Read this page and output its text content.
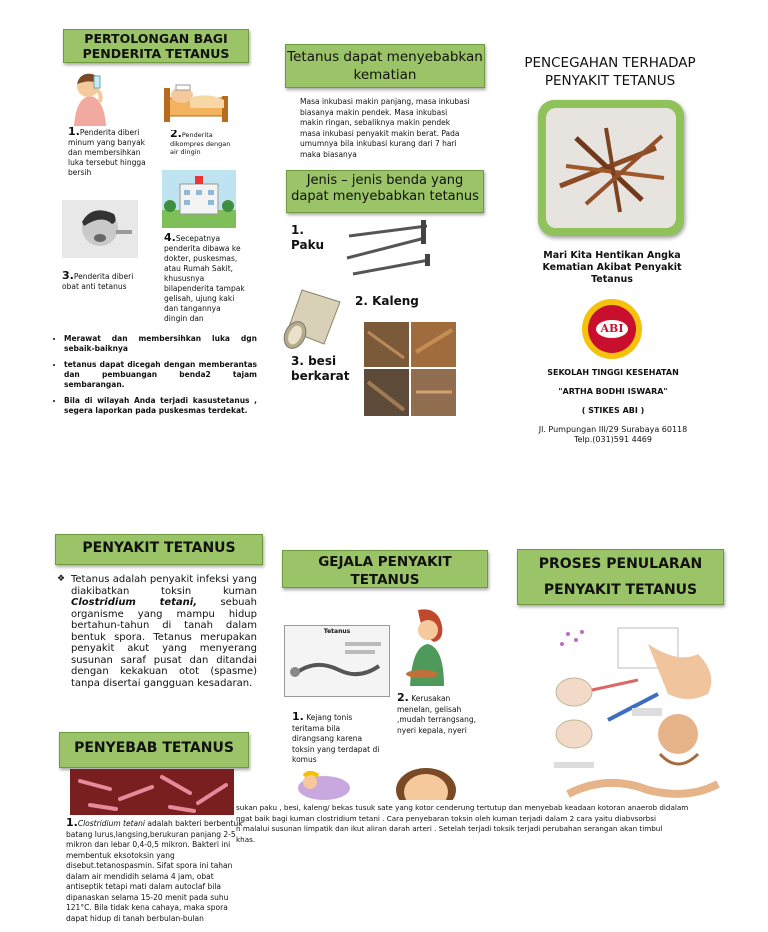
PERTOLONGAN BAGI PENDERITA TETANUS
1.Penderita diberi minum yang banyak dan membersihkan luka tersebut hingga bersih
2.Penderita dikompres dengan air dingin
3.Penderita diberi obat anti tetanus
4.Secepatnya penderita dibawa ke dokter, puskesmas, atau Rumah Sakit, khususnya bilapenderita tampak gelisah, ujung kaki dan tangannya dingin dan
• Merawat dan membersihkan luka dgn sebaik-baiknya
• tetanus dapat dicegah dengan memberantas dan pembuangan benda2 tajam sembarangan.
• Bila di wilayah Anda terjadi kasustetanus , segera laporkan pada puskesmas terdekat.
Tetanus dapat menyebabkan kematian
Masa inkubasi makin panjang, masa inkubasi biasanya makin pendek. Masa inkubasi makin ringan, sebaliknya makin pendek masa inkubasi penyakit makin berat. Pada umumnya bila inkubasi kurang dari 7 hari maka biasanya
Jenis – jenis benda yang dapat menyebabkan tetanus
1. Paku
2. Kaleng
3. besi berkarat
PENCEGAHAN TERHADAP PENYAKIT TETANUS
Mari Kita Hentikan Angka Kematian Akibat Penyakit Tetanus
ABI
SEKOLAH TINGGI KESEHATAN
"ARTHA BODHI ISWARA"
( STIKES ABI )
Jl. Pumpungan III/29 Surabaya 60118 Telp.(031)591 4469
PENYAKIT TETANUS
❖ Tetanus adalah penyakit infeksi yang diakibatkan toksin kuman Clostridium tetani, sebuah organisme yang mampu hidup bertahun-tahun di tanah dalam bentuk spora. Tetanus merupakan penyakit akut yang menyerang susunan saraf pusat dan ditandai dengan kekakuan otot (spasme) tanpa disertai gangguan kesadaran.
PENYEBAB TETANUS
1.Clostridium tetani adalah bakteri berbentuk batang lurus,langsing,berukuran panjang 2-5 mikron dan lebar 0,4-0,5 mikron. Bakteri ini membentuk eksotoksin yang disebut.tetanospasmin. Sifat spora ini tahan dalam air mendidih selama 4 jam, obat antiseptik tetapi mati dalam autoclaf bila dipanaskan selama 15-20 menit pada suhu 121°C. Bila tidak kena cahaya, maka spora dapat hidup di tanah berbulan-bulan
GEJALA PENYAKIT TETANUS
Tetanus
1. Kejang tonis teritama bila dirangsang karena toksin yang terdapat di komus
2. Kerusakan menelan, gelisah ,mudah terrangsang, nyeri kepala, nyeri
PROSES PENULARAN PENYAKIT TETANUS
sukan paku , besi, kaleng/ bekas tusuk sate yang kotor cenderung tertutup dan menyebab keadaan kotoran anaerob didalam
ngat baik bagi kuman clostridium tetani . Cara penyebaran toksin oleh kuman terjadi dalam 2 cara yaitu diabvsorbsi
n malalui susunan limpatik dan ikut aliran darah arteri . Setelah terjadi toksik terjadi perubahan serangan akan timbul
khas.
